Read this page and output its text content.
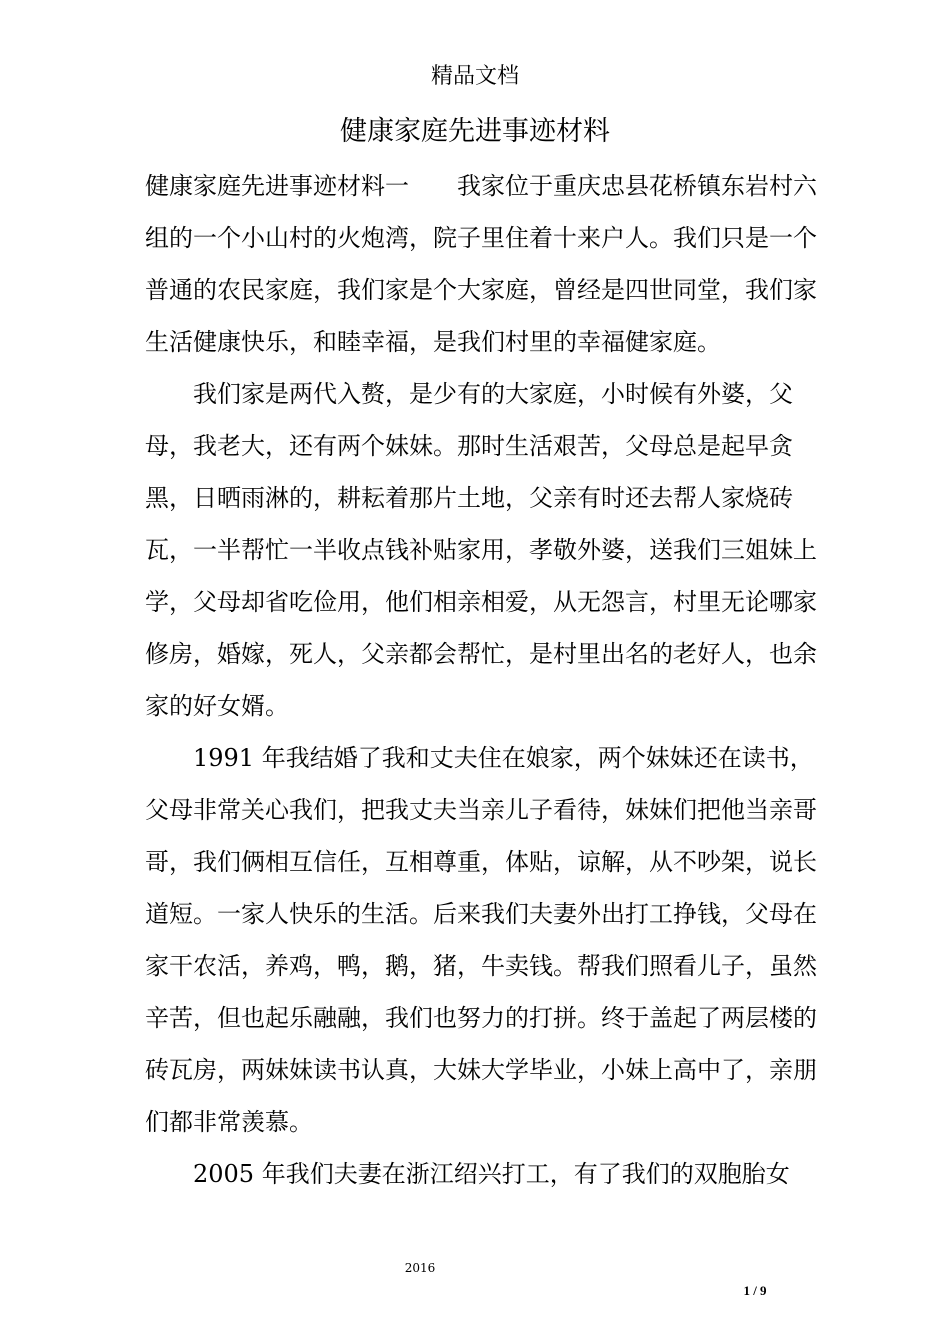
精品文档
健康家庭先进事迹材料

健康家庭先进事迹材料一　　我家位于重庆忠县花桥镇东岩村六组的一个小山村的火炮湾，院子里住着十来户人。我们只是一个普通的农民家庭，我们家是个大家庭，曾经是四世同堂，我们家生活健康快乐，和睦幸福，是我们村里的幸福健家庭。

我们家是两代入赘，是少有的大家庭，小时候有外婆，父母，我老大，还有两个妹妹。那时生活艰苦，父母总是起早贪黑，日晒雨淋的，耕耘着那片土地，父亲有时还去帮人家烧砖瓦，一半帮忙一半收点钱补贴家用，孝敬外婆，送我们三姐妹上学，父母却省吃俭用，他们相亲相爱，从无怨言，村里无论哪家修房，婚嫁，死人，父亲都会帮忙，是村里出名的老好人，也余家的好女婿。

1991 年我结婚了我和丈夫住在娘家，两个妹妹还在读书，父母非常关心我们，把我丈夫当亲儿子看待，妹妹们把他当亲哥哥，我们俩相互信任，互相尊重，体贴，谅解，从不吵架，说长道短。一家人快乐的生活。后来我们夫妻外出打工挣钱，父母在家干农活，养鸡，鸭，鹅，猪，牛卖钱。帮我们照看儿子，虽然辛苦，但也起乐融融，我们也努力的打拼。终于盖起了两层楼的砖瓦房，两妹妹读书认真，大妹大学毕业，小妹上高中了，亲朋们都非常羡慕。

2005 年我们夫妻在浙江绍兴打工，有了我们的双胞胎女

2016
1 / 9
